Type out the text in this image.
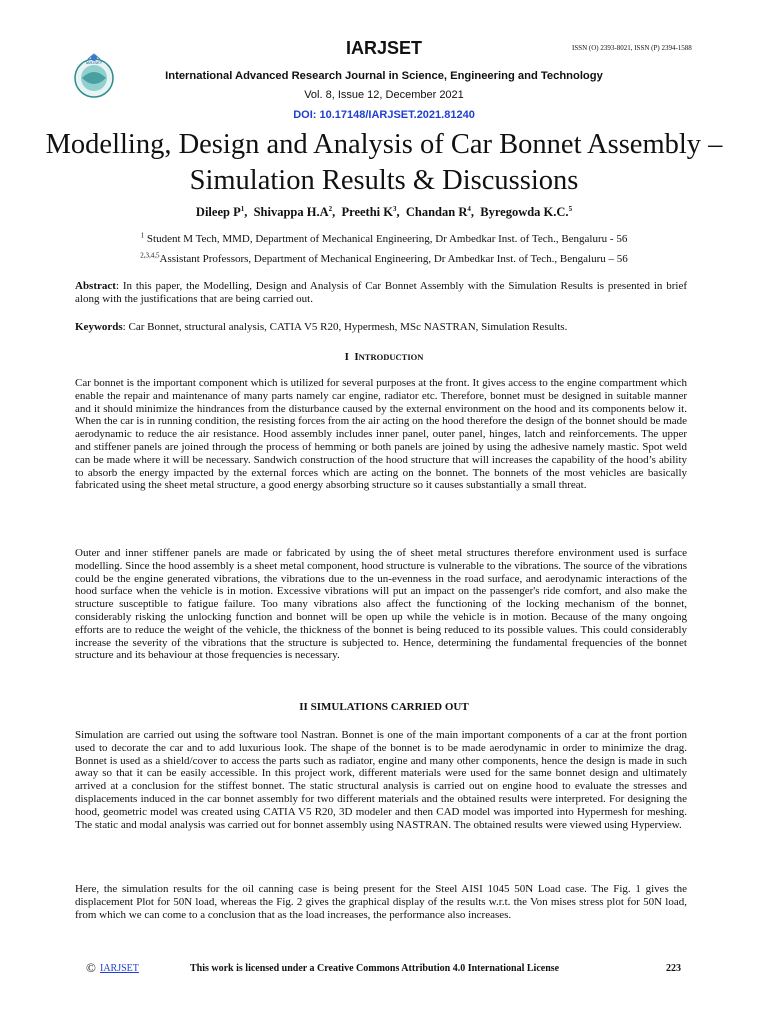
IARJSET
IARJSET	ISSN (O) 2393-8021, ISSN (P) 2394-1588
International Advanced Research Journal in Science, Engineering and Technology
Vol. 8, Issue 12, December 2021
DOI: 10.17148/IARJSET.2021.81240
Modelling, Design and Analysis of Car Bonnet Assembly – Simulation Results & Discussions
Dileep $P^1$,  Shivappa $H.A^2$,  Preethi $K^3$,  Chandan $R^4$,  Byregowda K.C.$^5$
$^1$ Student M Tech, MMD, Department of Mechanical Engineering, Dr Ambedkar Inst. of Tech., Bengaluru - 56
$^{2,3,4,5}$Assistant Professors, Department of Mechanical Engineering, Dr Ambedkar Inst. of Tech., Bengaluru – 56

Abstract: In this paper, the Modelling, Design and Analysis of Car Bonnet Assembly with the Simulation Results is presented in brief along with the justifications that are being carried out.

Keywords: Car Bonnet, structural analysis, CATIA V5 R20, Hypermesh, MSc NASTRAN, Simulation Results.

I INTRODUCTION

Car bonnet is the important component which is utilized for several purposes at the front. It gives access to the engine compartment which enable the repair and maintenance of many parts namely car engine, radiator etc. Therefore, bonnet must be designed in suitable manner and it should minimize the hindrances from the disturbance caused by the external environment on the hood and its components below it. When the car is in running condition, the resisting forces from the air acting on the hood therefore the design of the bonnet should be made aerodynamic to reduce the air resistance. Hood assembly includes inner panel, outer panel, hinges, latch and reinforcements. The upper and stiffener panels are joined through the process of hemming or both panels are joined by using the adhesive namely mastic. Spot weld can be made where it will be necessary. Sandwich construction of the hood structure that will increases the capability of the hood’s ability to absorb the energy impacted by the external forces which are acting on the bonnet. The bonnets of the most vehicles are basically fabricated using the sheet metal structure, a good energy absorbing structure so it causes substantially a small threat.

Outer and inner stiffener panels are made or fabricated by using the of sheet metal structures therefore environment used is surface modelling. Since the hood assembly is a sheet metal component, hood structure is vulnerable to the vibrations. The source of the vibrations could be the engine generated vibrations, the vibrations due to the un-evenness in the road surface, and aerodynamic interactions of the hood surface when the vehicle is in motion. Excessive vibrations will put an impact on the passenger's ride comfort, and also make the structure susceptible to fatigue failure. Too many vibrations also affect the functioning of the locking mechanism of the bonnet, considerably risking the unlocking function and bonnet will be open up while the vehicle is in motion. Because of the many ongoing efforts are to reduce the weight of the vehicle, the thickness of the bonnet is being reduced to its possible values. This could considerably increase the severity of the vibrations that the structure is subjected to. Hence, determining the fundamental frequencies of the bonnet structure and its behaviour at those frequencies is necessary.

II SIMULATIONS CARRIED OUT

Simulation are carried out using the software tool Nastran. Bonnet is one of the main important components of a car at the front portion used to decorate the car and to add luxurious look. The shape of the bonnet is to be made aerodynamic in order to minimize the drag. Bonnet is used as a shield/cover to access the parts such as radiator, engine and many other components, hence the design is made in such away so that it can be easily accessible. In this project work, different materials were used for the same bonnet design and ultimately arrived at a conclusion for the stiffest bonnet. The static structural analysis is carried out on engine hood to evaluate the stresses and displacements induced in the car bonnet assembly for two different materials and the obtained results were interpreted. For designing the hood, geometric model was created using CATIA V5 R20, 3D modeler and then CAD model was imported into Hypermesh for meshing. The static and modal analysis was carried out for bonnet assembly using NASTRAN. The obtained results were viewed using Hyperview.

Here, the simulation results for the oil canning case is being present for the Steel AISI 1045 50N Load case. The Fig. 1 gives the displacement Plot for 50N load, whereas the Fig. 2 gives the graphical display of the results w.r.t. the Von mises stress plot for 50N load, from which we can come to a conclusion that as the load increases, the performance also increases.

© IARJSET	This work is licensed under a Creative Commons Attribution 4.0 International License	223
